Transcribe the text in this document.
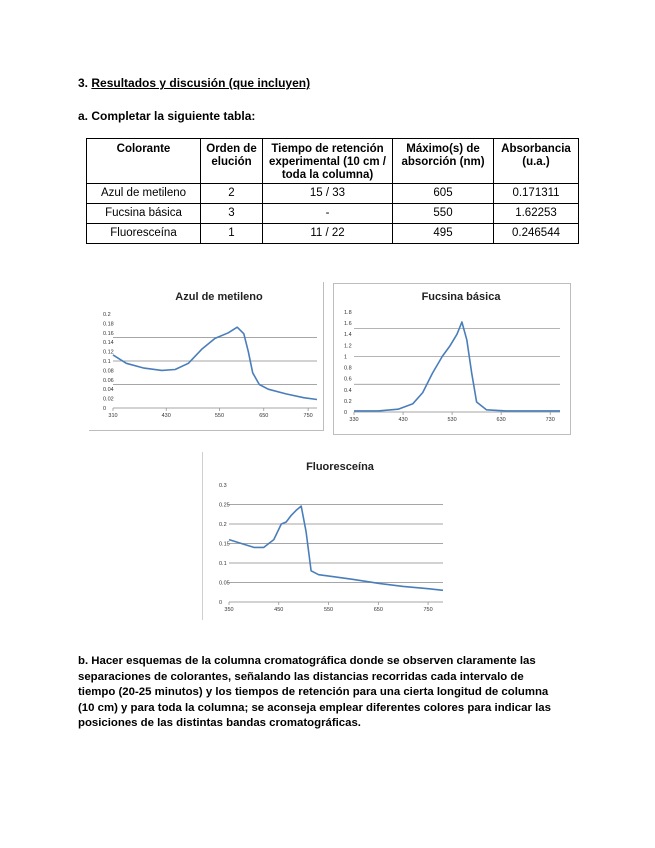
3. Resultados y discusión (que incluyen)
a. Completar la siguiente tabla:
Colorante	Orden de elución	Tiempo de retención experimental (10 cm / toda la columna)	Máximo(s) de absorción (nm)	Absorbancia (u.a.)
Azul de metileno	2	15 / 33	605	0.171311
Fucsina básica	3	-	550	1.62253
Fluoresceína	1	11 / 22	495	0.246544
Azul de metileno
0
0.02
0.04
0.06
0.08
0.1
0.12
0.14
0.16
0.18
0.2
310	430	550	650	750
Fucsina básica
0
0.2
0.4
0.6
0.8
1
1.2
1.4
1.6
1.8
330	430	530	630	730
Fluoresceína
0
0.05
0.1
0.15
0.2
0.25
0.3
350	450	550	650	750
b. Hacer esquemas de la columna cromatográfica donde se observen claramente las
separaciones de colorantes, señalando las distancias recorridas cada intervalo de
tiempo (20-25 minutos) y los tiempos de retención para una cierta longitud de columna
(10 cm) y para toda la columna; se aconseja emplear diferentes colores para indicar las
posiciones de las distintas bandas cromatográficas.
